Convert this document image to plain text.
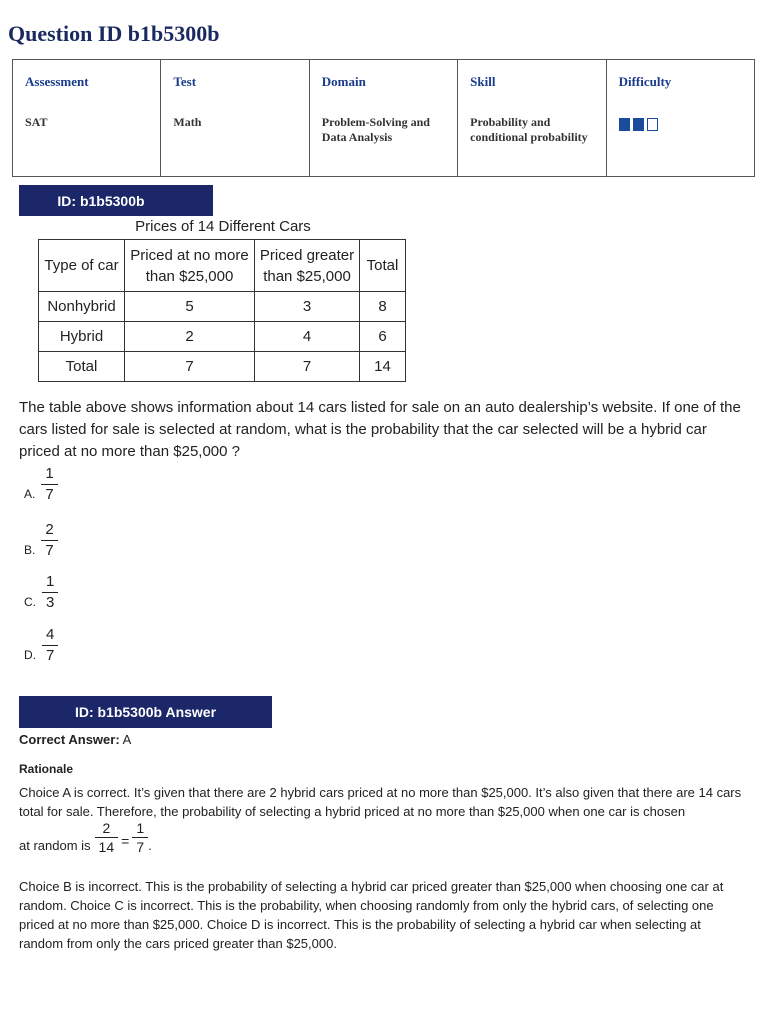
Question ID b1b5300b
Assessment
SAT

Test
Math

Domain
Problem-Solving and Data Analysis

Skill
Probability and conditional probability

Difficulty
ID: b1b5300b
Prices of 14 Different Cars
Type of car	Priced at no more than $25,000	Priced greater than $25,000	Total
Nonhybrid	5	3	8
Hybrid	2	4	6
Total	7	7	14

The table above shows information about 14 cars listed for sale on an auto dealership’s website. If one of the cars listed for sale is selected at random, what is the probability that the car selected will be a hybrid car priced at no more than $25,000 ?

A. $\frac{1}{7}$
B. $\frac{2}{7}$
C. $\frac{1}{3}$
D. $\frac{4}{7}$
ID: b1b5300b Answer
Correct Answer: A
Rationale

Choice A is correct. It’s given that there are 2 hybrid cars priced at no more than $25,000. It’s also given that there are 14 cars total for sale. Therefore, the probability of selecting a hybrid priced at no more than $25,000 when one car is chosen

at random is $\frac{2}{14} = \frac{1}{7}$ .

Choice B is incorrect. This is the probability of selecting a hybrid car priced greater than $25,000 when choosing one car at random. Choice C is incorrect. This is the probability, when choosing randomly from only the hybrid cars, of selecting one priced at no more than $25,000. Choice D is incorrect. This is the probability of selecting a hybrid car when selecting at random from only the cars priced greater than $25,000.
